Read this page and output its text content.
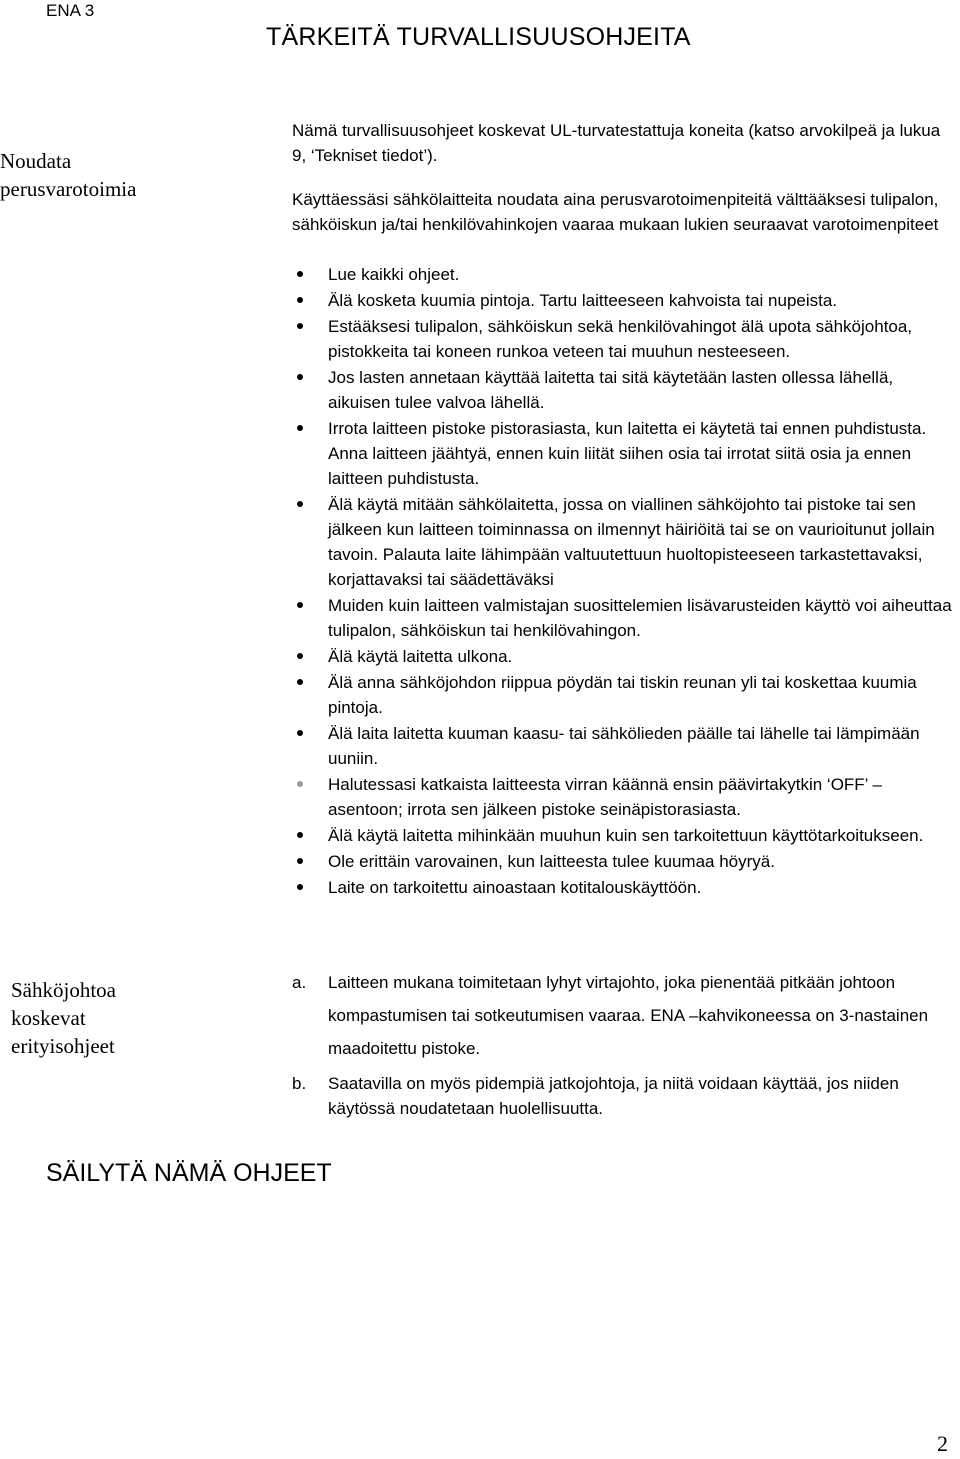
ENA 3
TÄRKEITÄ TURVALLISUUSOHJEITA
Noudata
perusvarotoimia

Nämä turvallisuusohjeet koskevat UL-turvatestattuja koneita (katso arvokilpeä ja lukua 9, ‘Tekniset tiedot’).

Käyttäessäsi sähkölaitteita noudata aina perusvarotoimenpiteitä välttääksesi tulipalon, sähköiskun ja/tai henkilövahinkojen vaaraa mukaan lukien seuraavat varotoimenpiteet

Lue kaikki ohjeet.
Älä kosketa kuumia pintoja. Tartu laitteeseen kahvoista tai nupeista.
Estääksesi tulipalon, sähköiskun sekä henkilövahingot älä upota sähköjohtoa, pistokkeita tai koneen runkoa veteen tai muuhun nesteeseen.
Jos lasten annetaan käyttää laitetta tai sitä käytetään lasten ollessa lähellä, aikuisen tulee valvoa lähellä.
Irrota laitteen pistoke pistorasiasta, kun laitetta ei käytetä tai ennen puhdistusta. Anna laitteen jäähtyä, ennen kuin liität siihen osia tai irrotat siitä osia ja ennen laitteen puhdistusta.
Älä käytä mitään sähkölaitetta, jossa on viallinen sähköjohto tai pistoke tai sen jälkeen kun laitteen toiminnassa on ilmennyt häiriöitä tai se on vaurioitunut jollain tavoin. Palauta laite lähimpään valtuutettuun huoltopisteeseen tarkastettavaksi, korjattavaksi tai säädettäväksi
Muiden kuin laitteen valmistajan suosittelemien lisävarusteiden käyttö voi aiheuttaa tulipalon, sähköiskun tai henkilövahingon.
Älä käytä laitetta ulkona.
Älä anna sähköjohdon riippua pöydän tai tiskin reunan yli tai koskettaa kuumia pintoja.
Älä laita laitetta kuuman kaasu- tai sähkölieden päälle tai lähelle tai lämpimään uuniin.
Halutessasi katkaista laitteesta virran käännä ensin päävirtakytkin ‘OFF’ –asentoon; irrota sen jälkeen pistoke seinäpistorasiasta.
Älä käytä laitetta mihinkään muuhun kuin sen tarkoitettuun käyttötarkoitukseen.
Ole erittäin varovainen, kun laitteesta tulee kuumaa höyryä.
Laite on tarkoitettu ainoastaan kotitalouskäyttöön.
Sähköjohtoa
koskevat
erityisohjeet
a. Laitteen mukana toimitetaan lyhyt virtajohto, joka pienentää pitkään johtoon kompastumisen tai sotkeutumisen vaaraa. ENA –kahvikoneessa on 3-nastainen maadoitettu pistoke.
b. Saatavilla on myös pidempiä jatkojohtoja, ja niitä voidaan käyttää, jos niiden käytössä noudatetaan huolellisuutta.
SÄILYTÄ NÄMÄ OHJEET
2
